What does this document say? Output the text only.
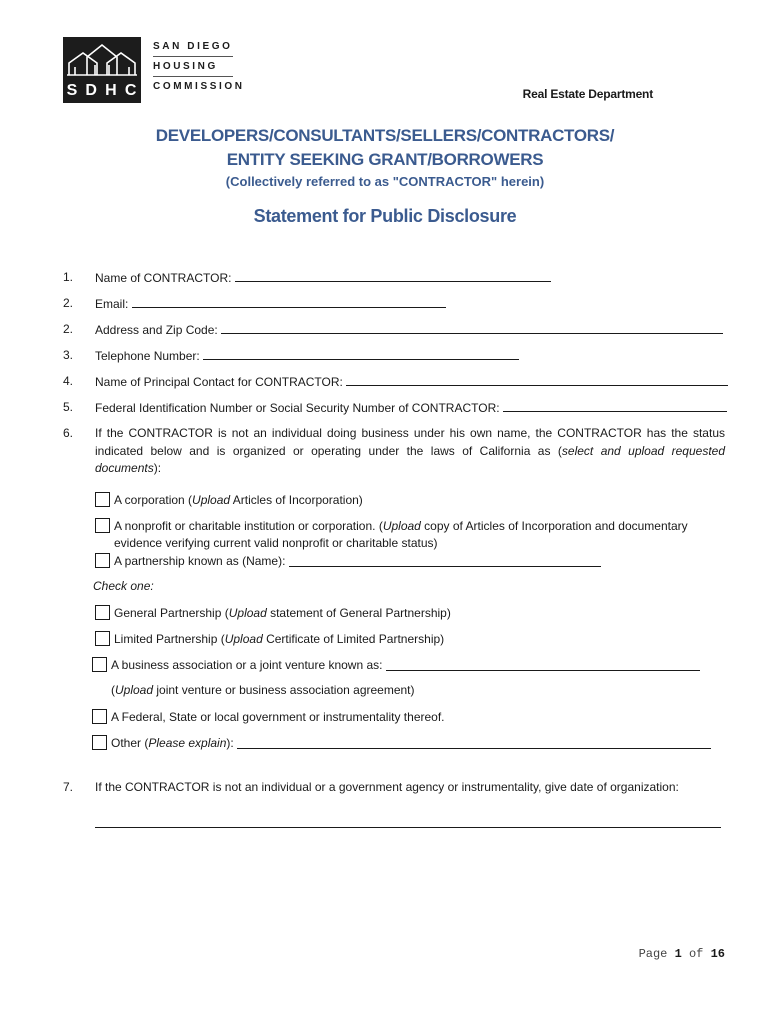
S D H C
SAN DIEGO
HOUSING
COMMISSION
Real Estate Department
DEVELOPERS/CONSULTANTS/SELLERS/CONTRACTORS/
ENTITY SEEKING GRANT/BORROWERS
(Collectively referred to as "CONTRACTOR" herein)
Statement for Public Disclosure
1. Name of CONTRACTOR:
2. Email:
2. Address and Zip Code:
3. Telephone Number:
4. Name of Principal Contact for CONTRACTOR:
5. Federal Identification Number or Social Security Number of CONTRACTOR:
6. If the CONTRACTOR is not an individual doing business under his own name, the CONTRACTOR has the status indicated below and is organized or operating under the laws of California as (select and upload requested documents):
A corporation (Upload Articles of Incorporation)
A nonprofit or charitable institution or corporation. (Upload copy of Articles of Incorporation and documentary
evidence verifying current valid nonprofit or charitable status)
A partnership known as (Name):

Check one:
General Partnership (Upload statement of General Partnership)
Limited Partnership (Upload Certificate of Limited Partnership)
A business association or a joint venture known as:

(Upload joint venture or business association agreement)
A Federal, State or local government or instrumentality thereof.
Other (Please explain):

7. If the CONTRACTOR is not an individual or a government agency or instrumentality, give date of organization:
Page 1 of 16
